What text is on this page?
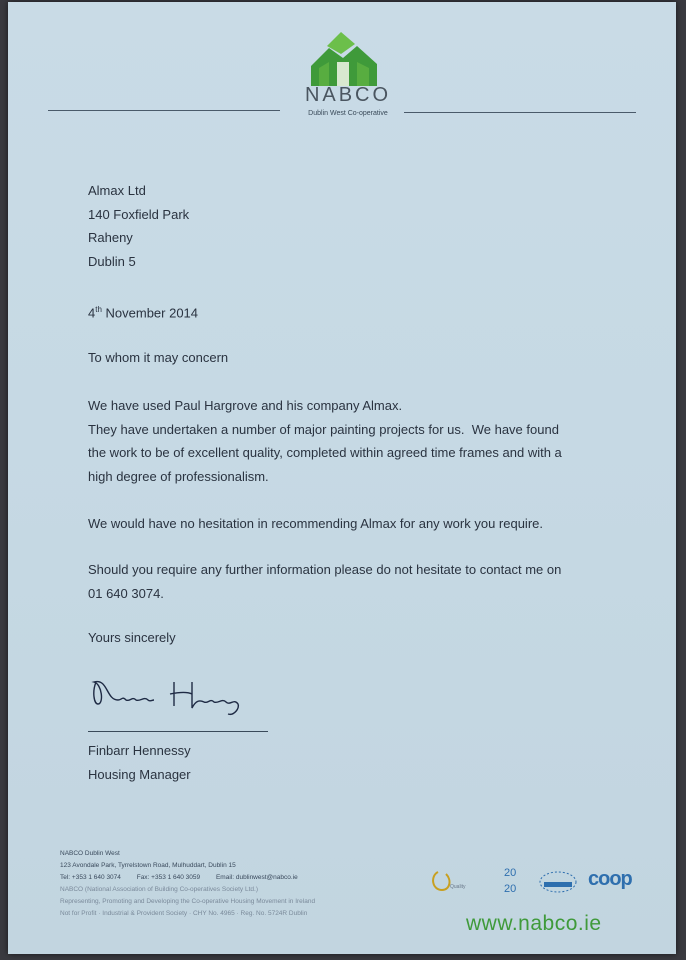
NABCO
Dublin West Co-operative
Almax Ltd
140 Foxfield Park
Raheny
Dublin 5
4th November 2014
To whom it may concern
We have used Paul Hargrove and his company Almax.
They have undertaken a number of major painting projects for us.  We have found
the work to be of excellent quality, completed within agreed time frames and with a
high degree of professionalism.
We would have no hesitation in recommending Almax for any work you require.
Should you require any further information please do not hesitate to contact me on
01 640 3074.
Yours sincerely
Finbarr Hennessy
Housing Manager
NABCO Dublin West
123 Avondale Park, Tyrrelstown Road, Mulhuddart, Dublin 15
Tel: +353 1 640 3074 Fax: +353 1 640 3059 Email: dublinwest@nabco.ie
NABCO (National Association of Building Co-operatives Society Ltd.)
Representing, Promoting and Developing the Co-operative Housing Movement in Ireland
Not for Profit · Industrial & Provident Society · CHY No. 4965 · Reg. No. 5724R Dublin
Quality
20
20	coop
www.nabco.ie
